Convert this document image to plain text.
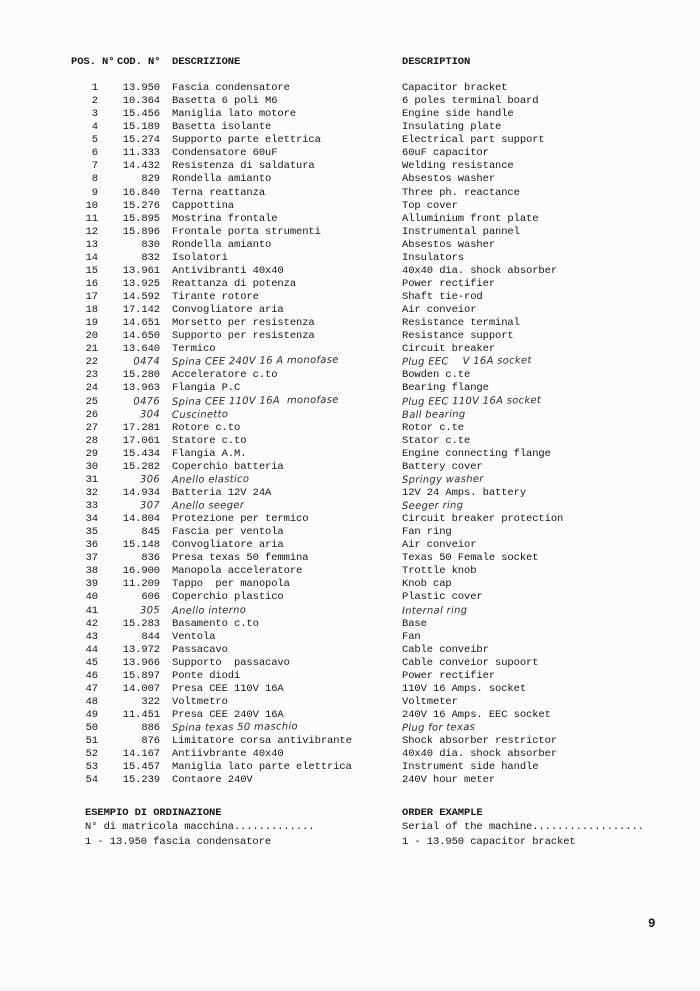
POS. N° COD. N° DESCRIZIONE	DESCRIPTION
1	13.950 Fascia condensatore	Capacitor bracket
2	10.364 Basetta 6 poli M6	6 poles terminal board
3	15.456 Maniglia lato motore	Engine side handle
4	15.189 Basetta isolante	Insulating plate
5	15.274 Supporto parte elettrica	Electrical part support
6	11.333 Condensatore 60uF	60uF capacitor
7	14.432 Resistenza di saldatura	Welding resistance
8	829 Rondella amianto	Absestos washer
9	16.840 Terna reattanza	Three ph. reactance
10	15.276 Cappottina	Top cover
11	15.895 Mostrina frontale	Alluminium front plate
12	15.896 Frontale porta strumenti	Instrumental pannel
13	830 Rondella amianto	Absestos washer
14	832 Isolatori	Insulators
15	13.961 Antivibranti 40x40	40x40 dia. shock absorber
16	13.925 Reattanza di potenza	Power rectifier
17	14.592 Tirante rotore	Shaft tie-rod
18	17.142 Convogliatore aria	Air conveior
19	14.651 Morsetto per resistenza	Resistance terminal
20	14.650 Supporto per resistenza	Resistance support
21	13.640 Termico	Circuit breaker
22	0474 Spina CEE 240V 16 A monofase	Plug EEC    V 16A socket
23	15.280 Acceleratore c.to	Bowden c.te
24	13.963 Flangia P.C	Bearing flange
25	0476 Spina CEE 110V 16A  monofase	Plug EEC 110V 16A socket
26	304 Cuscinetto	Ball bearing
27	17.281 Rotore c.to	Rotor c.te
28	17.061 Statore c.to	Stator c.te
29	15.434 Flangia A.M.	Engine connecting flange
30	15.282 Coperchio batteria	Battery cover
31	306 Anello elastico	Springy washer
32	14.934 Batteria 12V 24A	12V 24 Amps. battery
33	307 Anello seeger	Seeger ring
34	14.804 Protezione per termico	Circuit breaker protection
35	845 Fascia per ventola	Fan ring
36	15.148 Convogliatore aria	Air conveior
37	836 Presa texas 50 femmina	Texas 50 Female socket
38	16.900 Manopola acceleratore	Trottle knob
39	11.209 Tappo  per manopola	Knob cap
40	606 Coperchio plastico	Plastic cover
41	305 Anello interno	Internal ring
42	15.283 Basamento c.to	Base
43	844 Ventola	Fan
44	13.972 Passacavo	Cable conveibr
45	13.966 Supporto  passacavo	Cable conveior supoort
46	15.897 Ponte diodi	Power rectifier
47	14.007 Presa CEE 110V 16A	110V 16 Amps. socket
48	322 Voltmetro	Voltmeter
49	11.451 Presa CEE 240V 16A	240V 16 Amps. EEC socket
50	886 Spina texas 50 maschio	Plug for texas
51	876 Limitatore corsa antivibrante	Shock absorber restrictor
52	14.167 Antiivbrante 40x40	40x40 dia. shock absorber
53	15.457 Maniglia lato parte elettrica	Instrument side handle
54	15.239 Contaore 240V	240V hour meter
ESEMPIO DI ORDINAZIONE
N° di matricola macchina.............
1 - 13.950 fascia condensatore
ORDER EXAMPLE
Serial of the machine..................
1 - 13.950 capacitor bracket
9
